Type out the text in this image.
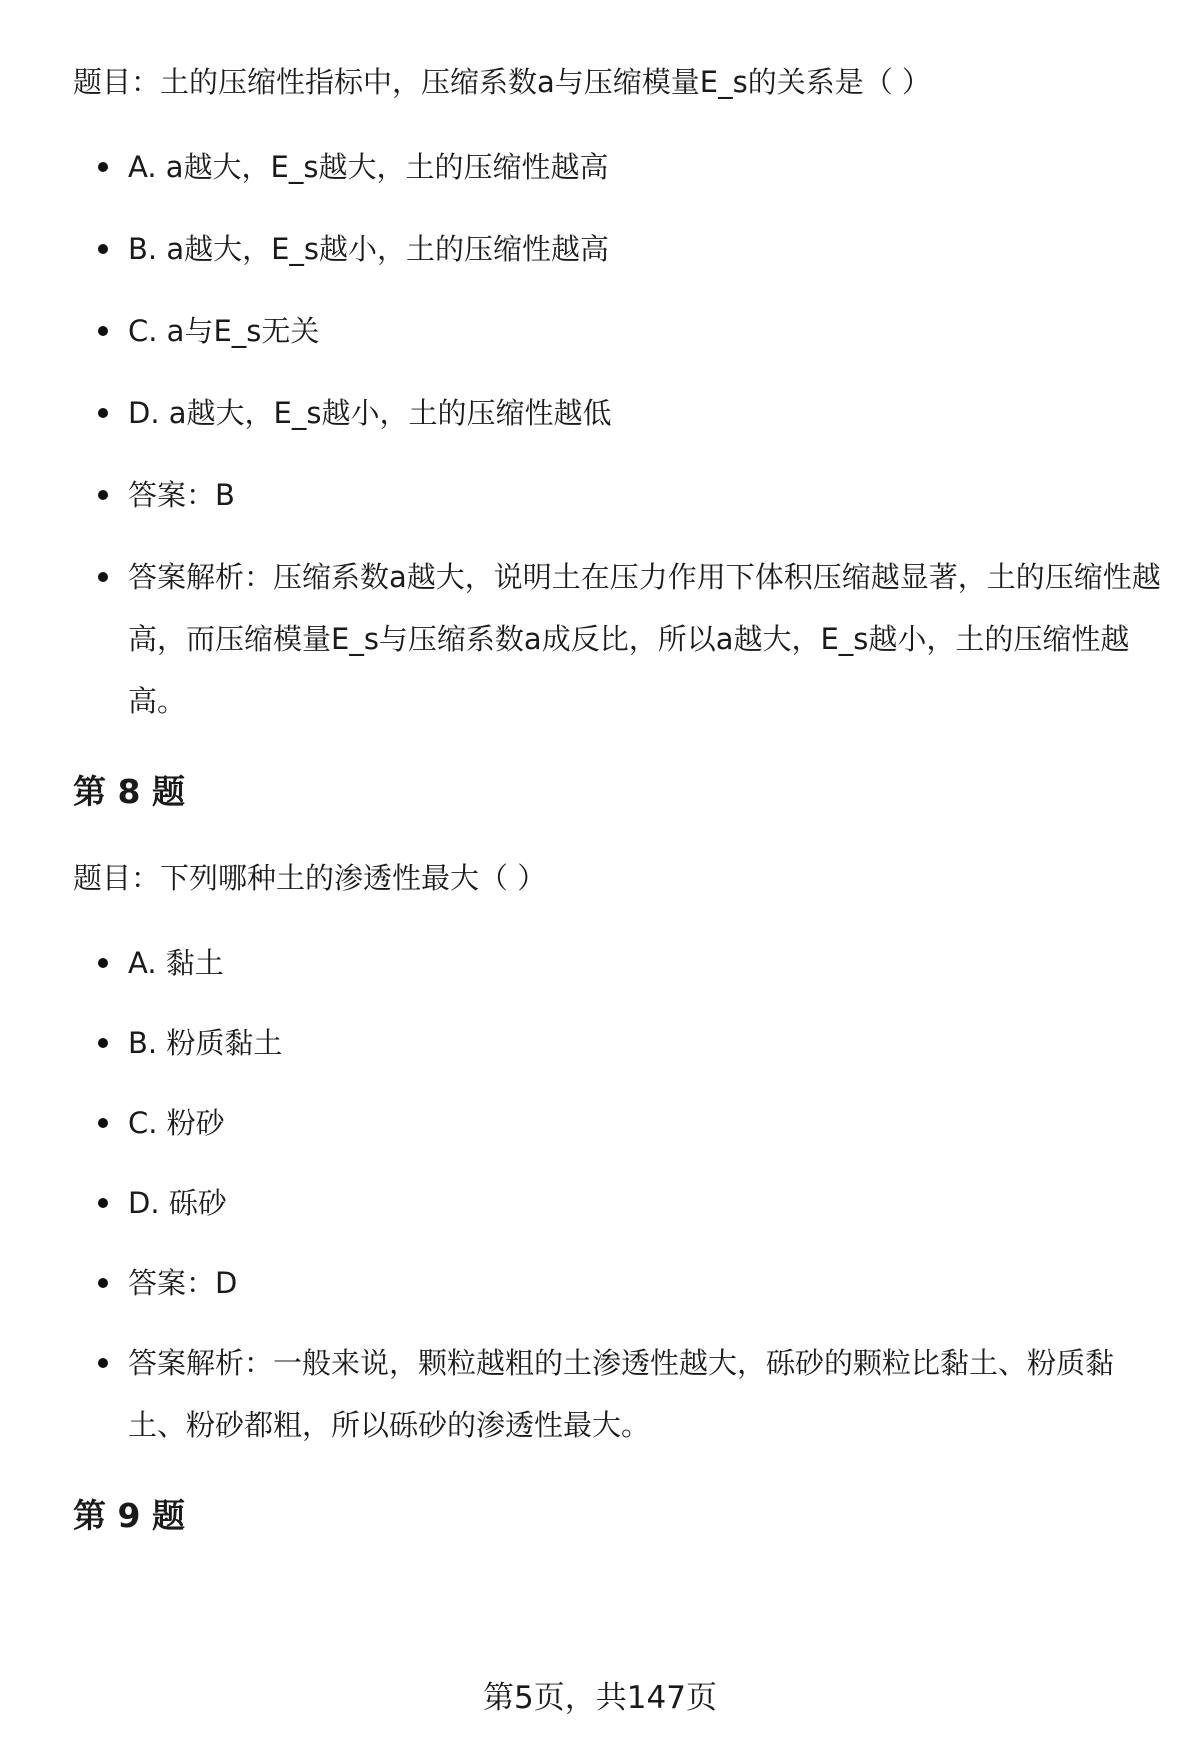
题目：土的压缩性指标中，压缩系数a与压缩模量E_s的关系是（ ）

A. a越大，E_s越大，土的压缩性越高
B. a越大，E_s越小，土的压缩性越高
C. a与E_s无关
D. a越大，E_s越小，土的压缩性越低
答案：B
答案解析：压缩系数a越大，说明土在压力作用下体积压缩越显著，土的压缩性越高，而压缩模量E_s与压缩系数a成反比，所以a越大，E_s越小，土的压缩性越高。
第 8 题

题目：下列哪种土的渗透性最大（ ）

A. 黏土
B. 粉质黏土
C. 粉砂
D. 砾砂
答案：D
答案解析：一般来说，颗粒越粗的土渗透性越大，砾砂的颗粒比黏土、粉质黏土、粉砂都粗，所以砾砂的渗透性最大。
第 9 题
第5页，共147页
